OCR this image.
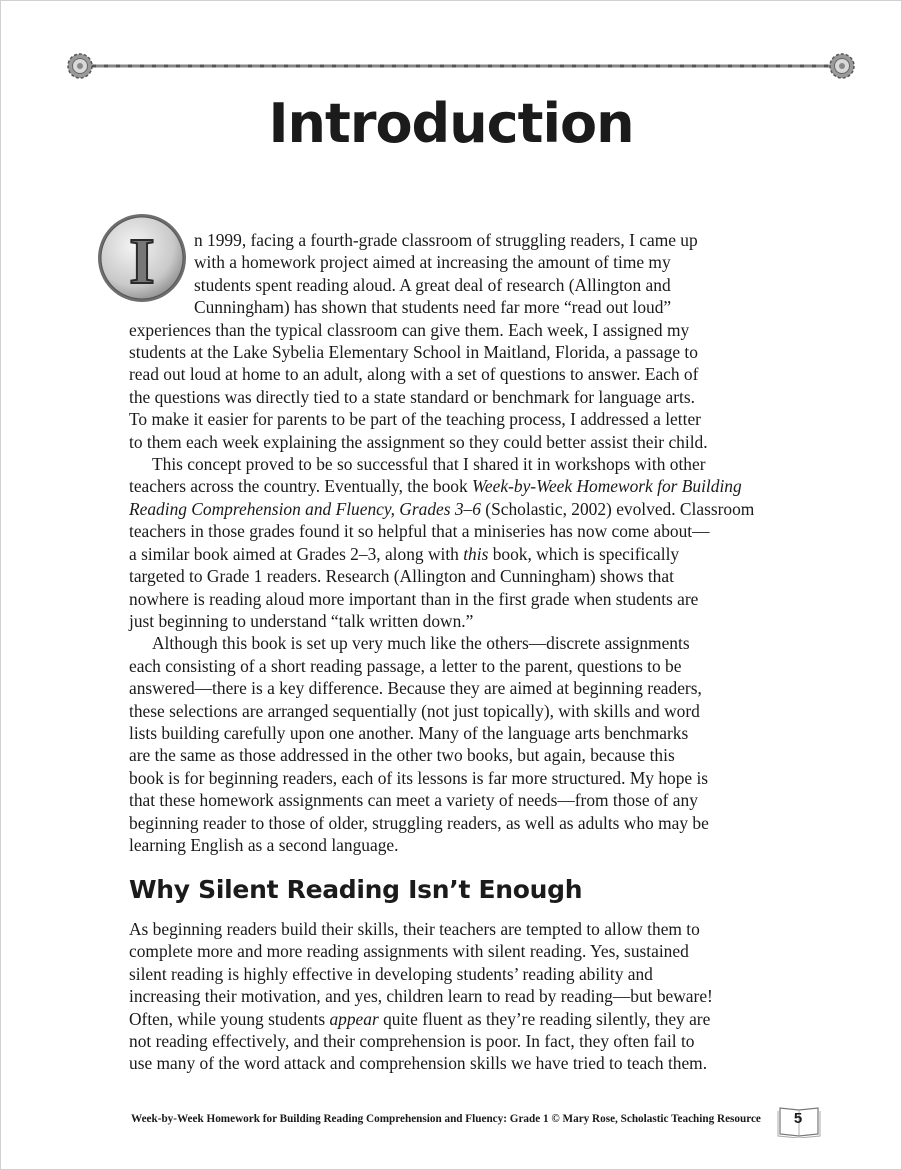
Introduction
I	n 1999, facing a fourth-grade classroom of struggling readers, I came up
with a homework project aimed at increasing the amount of time my
students spent reading aloud. A great deal of research (Allington and
Cunningham) has shown that students need far more “read out loud”
experiences than the typical classroom can give them. Each week, I assigned my
students at the Lake Sybelia Elementary School in Maitland, Florida, a passage to
read out loud at home to an adult, along with a set of questions to answer. Each of
the questions was directly tied to a state standard or benchmark for language arts.
To make it easier for parents to be part of the teaching process, I addressed a letter
to them each week explaining the assignment so they could better assist their child.
This concept proved to be so successful that I shared it in workshops with other
teachers across the country. Eventually, the book Week-by-Week Homework for Building
Reading Comprehension and Fluency, Grades 3–6 (Scholastic, 2002) evolved. Classroom
teachers in those grades found it so helpful that a miniseries has now come about—
a similar book aimed at Grades 2–3, along with this book, which is specifically
targeted to Grade 1 readers. Research (Allington and Cunningham) shows that
nowhere is reading aloud more important than in the first grade when students are
just beginning to understand “talk written down.”
Although this book is set up very much like the others—discrete assignments
each consisting of a short reading passage, a letter to the parent, questions to be
answered—there is a key difference. Because they are aimed at beginning readers,
these selections are arranged sequentially (not just topically), with skills and word
lists building carefully upon one another. Many of the language arts benchmarks
are the same as those addressed in the other two books, but again, because this
book is for beginning readers, each of its lessons is far more structured. My hope is
that these homework assignments can meet a variety of needs—from those of any
beginning reader to those of older, struggling readers, as well as adults who may be
learning English as a second language.
Why Silent Reading Isn’t Enough
As beginning readers build their skills, their teachers are tempted to allow them to
complete more and more reading assignments with silent reading. Yes, sustained
silent reading is highly effective in developing students’ reading ability and
increasing their motivation, and yes, children learn to read by reading—but beware!
Often, while young students appear quite fluent as they’re reading silently, they are
not reading effectively, and their comprehension is poor. In fact, they often fail to
use many of the word attack and comprehension skills we have tried to teach them.
Week-by-Week Homework for Building Reading Comprehension and Fluency: Grade 1 © Mary Rose, Scholastic Teaching Resource	5
